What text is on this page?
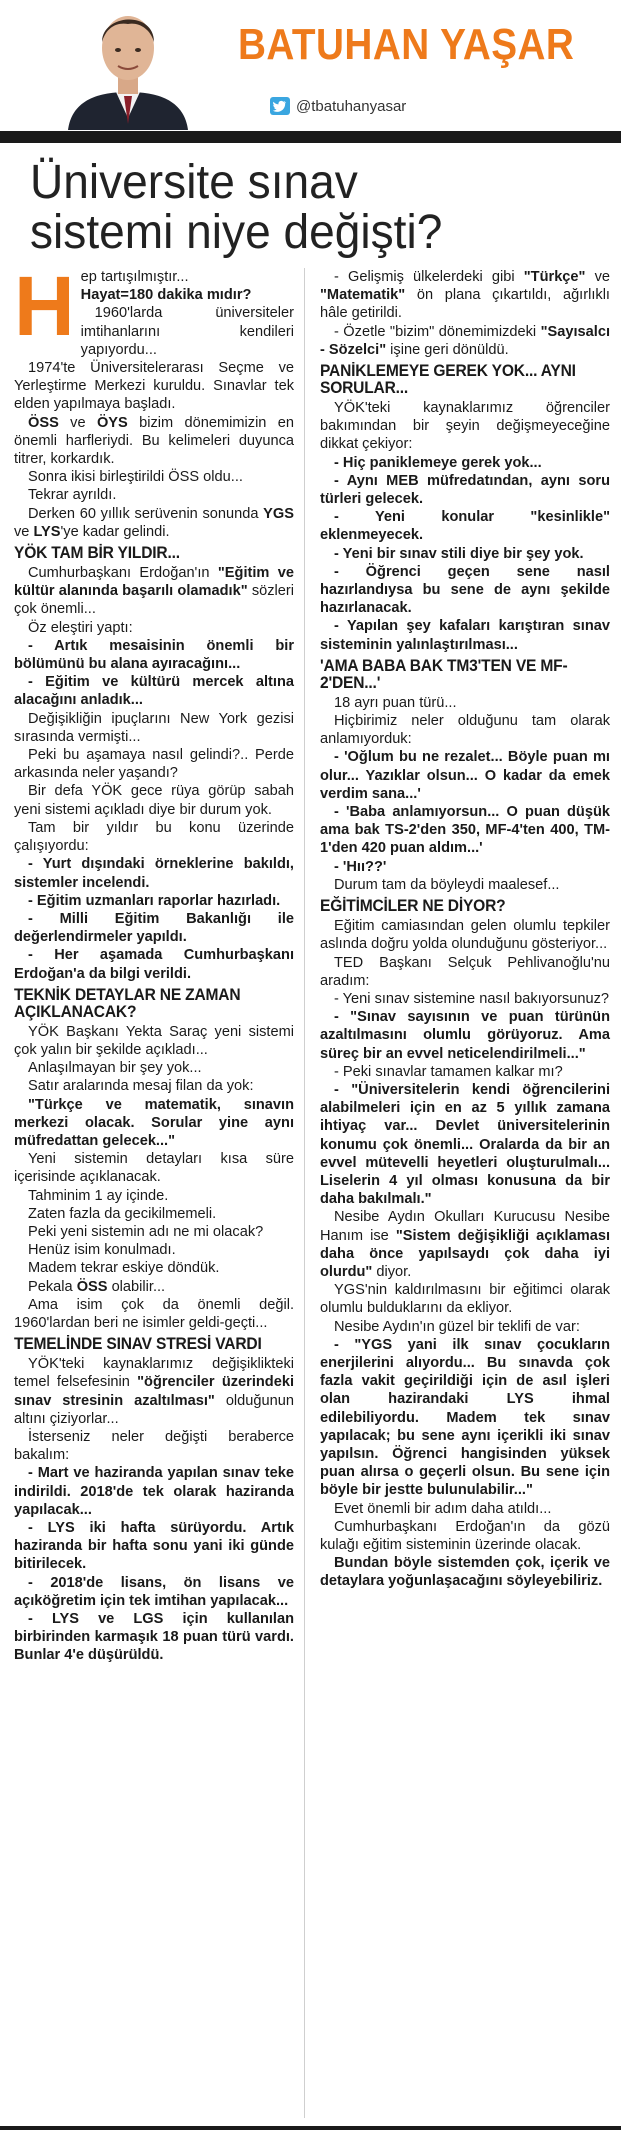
BATUHAN YAŞAR
@tbatuhanyasar
Üniversite sınav
sistemi niye değişti?
H ep tartışılmıştır...

Hayat=180 dakika mıdır?

1960'larda üniversiteler imtihanlarını kendileri yapıyordu...

1974'te Üniversitelerarası Seçme ve Yerleştirme Merkezi kuruldu. Sınavlar tek elden yapılmaya başladı.

ÖSS ve ÖYS bizim dönemimizin en önemli harfleriydi. Bu kelimeleri duyunca titrer, korkardık.

Sonra ikisi birleştirildi ÖSS oldu...

Tekrar ayrıldı.

Derken 60 yıllık serüvenin sonunda YGS ve LYS'ye kadar gelindi.

YÖK TAM BİR YILDIR...

Cumhurbaşkanı Erdoğan'ın "Eğitim ve kültür alanında başarılı olamadık" sözleri çok önemli...

Öz eleştiri yaptı:

- Artık mesaisinin önemli bir bölümünü bu alana ayıracağını...

- Eğitim ve kültürü mercek altına alacağını anladık...

Değişikliğin ipuçlarını New York gezisi sırasında vermişti...

Peki bu aşamaya nasıl gelindi?.. Perde arkasında neler yaşandı?

Bir defa YÖK gece rüya görüp sabah yeni sistemi açıkladı diye bir durum yok.

Tam bir yıldır bu konu üzerinde çalışıyordu:

- Yurt dışındaki örneklerine bakıldı, sistemler incelendi.

- Eğitim uzmanları raporlar hazırladı.

- Milli Eğitim Bakanlığı ile değerlendirmeler yapıldı.

- Her aşamada Cumhurbaşkanı Erdoğan'a da bilgi verildi.

TEKNİK DETAYLAR NE ZAMAN AÇIKLANACAK?

YÖK Başkanı Yekta Saraç yeni sistemi çok yalın bir şekilde açıkladı...

Anlaşılmayan bir şey yok...

Satır aralarında mesaj filan da yok:

"Türkçe ve matematik, sınavın merkezi olacak. Sorular yine aynı müfredattan gelecek..."

Yeni sistemin detayları kısa süre içerisinde açıklanacak.

Tahminim 1 ay içinde.

Zaten fazla da gecikilmemeli.

Peki yeni sistemin adı ne mi olacak?

Henüz isim konulmadı.

Madem tekrar eskiye döndük.

Pekala ÖSS olabilir...

Ama isim çok da önemli değil. 1960'lardan beri ne isimler geldi-geçti...

TEMELİNDE SINAV STRESİ VARDI

YÖK'teki kaynaklarımız değişiklikteki temel felsefesinin "öğrenciler üzerindeki sınav stresinin azaltılması" olduğunun altını çiziyorlar...

İsterseniz neler değişti beraberce bakalım:

- Mart ve haziranda yapılan sınav teke indirildi. 2018'de tek olarak haziranda yapılacak...

- LYS iki hafta sürüyordu. Artık haziranda bir hafta sonu yani iki günde bitirilecek.

- 2018'de lisans, ön lisans ve açıköğretim için tek imtihan yapılacak...

- LYS ve LGS için kullanılan birbirinden karmaşık 18 puan türü vardı. Bunlar 4'e düşürüldü.

- Gelişmiş ülkelerdeki gibi "Türkçe" ve "Matematik" ön plana çıkartıldı, ağırlıklı hâle getirildi.

- Özetle "bizim" dönemimizdeki "Sayısalcı - Sözelci" işine geri dönüldü.

PANİKLEMEYE GEREK YOK... AYNI SORULAR...

YÖK'teki kaynaklarımız öğrenciler bakımından bir şeyin değişmeyeceğine dikkat çekiyor:

- Hiç paniklemeye gerek yok...

- Aynı MEB müfredatından, aynı soru türleri gelecek.

- Yeni konular "kesinlikle" eklenmeyecek.

- Yeni bir sınav stili diye bir şey yok.

- Öğrenci geçen sene nasıl hazırlandıysa bu sene de aynı şekilde hazırlanacak.

- Yapılan şey kafaları karıştıran sınav sisteminin yalınlaştırılması...

'AMA BABA BAK TM3'TEN VE MF-2'DEN...'

18 ayrı puan türü...

Hiçbirimiz neler olduğunu tam olarak anlamıyorduk:

- 'Oğlum bu ne rezalet... Böyle puan mı olur... Yazıklar olsun... O kadar da emek verdim sana...'

- 'Baba anlamıyorsun... O puan düşük ama bak TS-2'den 350, MF-4'ten 400, TM-1'den 420 puan aldım...'

- 'Hıı??'

Durum tam da böyleydi maalesef...

EĞİTİMCİLER NE DİYOR?

Eğitim camiasından gelen olumlu tepkiler aslında doğru yolda olunduğunu gösteriyor...

TED Başkanı Selçuk Pehlivanoğlu'nu aradım:

- Yeni sınav sistemine nasıl bakıyorsunuz?

- "Sınav sayısının ve puan türünün azaltılmasını olumlu görüyoruz. Ama süreç bir an evvel neticelendirilmeli..."

- Peki sınavlar tamamen kalkar mı?

- "Üniversitelerin kendi öğrencilerini alabilmeleri için en az 5 yıllık zamana ihtiyaç var... Devlet üniversitelerinin konumu çok önemli... Oralarda da bir an evvel mütevelli heyetleri oluşturulmalı... Liselerin 4 yıl olması konusuna da bir daha bakılmalı."

Nesibe Aydın Okulları Kurucusu Nesibe Hanım ise "Sistem değişikliği açıklaması daha önce yapılsaydı çok daha iyi olurdu" diyor.

YGS'nin kaldırılmasını bir eğitimci olarak olumlu bulduklarını da ekliyor.

Nesibe Aydın'ın güzel bir teklifi de var:

- "YGS yani ilk sınav çocukların enerjilerini alıyordu... Bu sınavda çok fazla vakit geçirildiği için de asıl işleri olan hazirandaki LYS ihmal edilebiliyordu. Madem tek sınav yapılacak; bu sene aynı içerikli iki sınav yapılsın. Öğrenci hangisinden yüksek puan alırsa o geçerli olsun. Bu sene için böyle bir jestte bulunulabilir..."

Evet önemli bir adım daha atıldı...

Cumhurbaşkanı Erdoğan'ın da gözü kulağı eğitim sisteminin üzerinde olacak.

Bundan böyle sistemden çok, içerik ve detaylara yoğunlaşacağını söyleyebiliriz.
